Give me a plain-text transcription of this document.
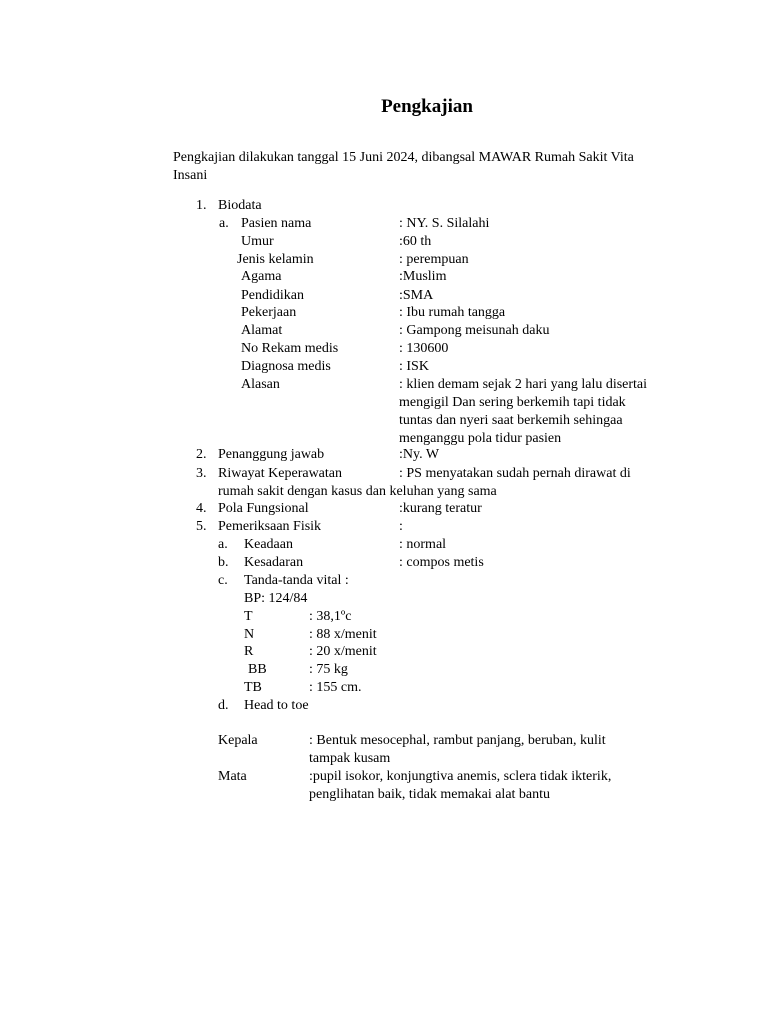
Pengkajian
Pengkajian dilakukan tanggal 15 Juni 2024, dibangsal MAWAR Rumah Sakit Vita
Insani
1. Biodata
a. Pasien nama	: NY. S. Silalahi
Umur	:60 th
Jenis kelamin	: perempuan
Agama	:Muslim
Pendidikan	:SMA
Pekerjaan	: Ibu rumah tangga
Alamat	: Gampong meisunah daku
No Rekam medis	: 130600
Diagnosa medis	: ISK
Alasan	: klien demam sejak 2 hari yang lalu disertai
mengigil Dan sering berkemih tapi tidak
tuntas dan nyeri saat berkemih sehingaa
menganggu pola tidur pasien
2. Penanggung jawab	:Ny. W
3. Riwayat Keperawatan	: PS menyatakan sudah pernah dirawat di
rumah sakit dengan kasus dan keluhan yang sama
4. Pola Fungsional	:kurang teratur
5. Pemeriksaan Fisik	:
a. Keadaan	: normal
b. Kesadaran	: compos metis
c. Tanda-tanda vital :
BP: 124/84
T	: 38,1ºc
N	: 88 x/menit
R	: 20 x/menit
BB	: 75 kg
TB	: 155 cm.
d. Head to toe
Kepala	: Bentuk mesocephal, rambut panjang, beruban, kulit
tampak kusam
Mata	:pupil isokor, konjungtiva anemis, sclera tidak ikterik,
penglihatan baik, tidak memakai alat bantu
